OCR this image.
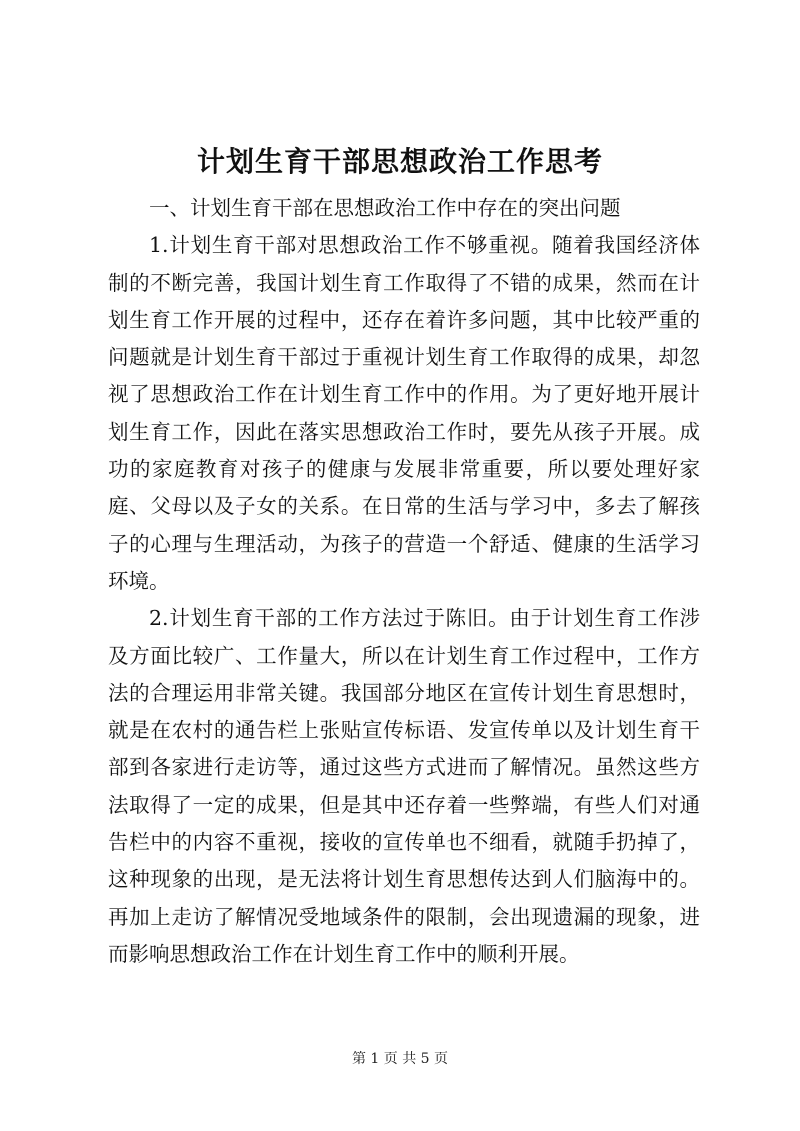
计划生育干部思想政治工作思考

一、计划生育干部在思想政治工作中存在的突出问题

1.计划生育干部对思想政治工作不够重视。随着我国经济体制的不断完善，我国计划生育工作取得了不错的成果，然而在计划生育工作开展的过程中，还存在着许多问题，其中比较严重的问题就是计划生育干部过于重视计划生育工作取得的成果，却忽视了思想政治工作在计划生育工作中的作用。为了更好地开展计划生育工作，因此在落实思想政治工作时，要先从孩子开展。成功的家庭教育对孩子的健康与发展非常重要，所以要处理好家庭、父母以及子女的关系。在日常的生活与学习中，多去了解孩子的心理与生理活动，为孩子的营造一个舒适、健康的生活学习环境。

2.计划生育干部的工作方法过于陈旧。由于计划生育工作涉及方面比较广、工作量大，所以在计划生育工作过程中，工作方法的合理运用非常关键。我国部分地区在宣传计划生育思想时，就是在农村的通告栏上张贴宣传标语、发宣传单以及计划生育干部到各家进行走访等，通过这些方式进而了解情况。虽然这些方法取得了一定的成果，但是其中还存着一些弊端，有些人们对通告栏中的内容不重视，接收的宣传单也不细看，就随手扔掉了，这种现象的出现，是无法将计划生育思想传达到人们脑海中的。再加上走访了解情况受地域条件的限制，会出现遗漏的现象，进而影响思想政治工作在计划生育工作中的顺利开展。

第 1 页 共 5 页
